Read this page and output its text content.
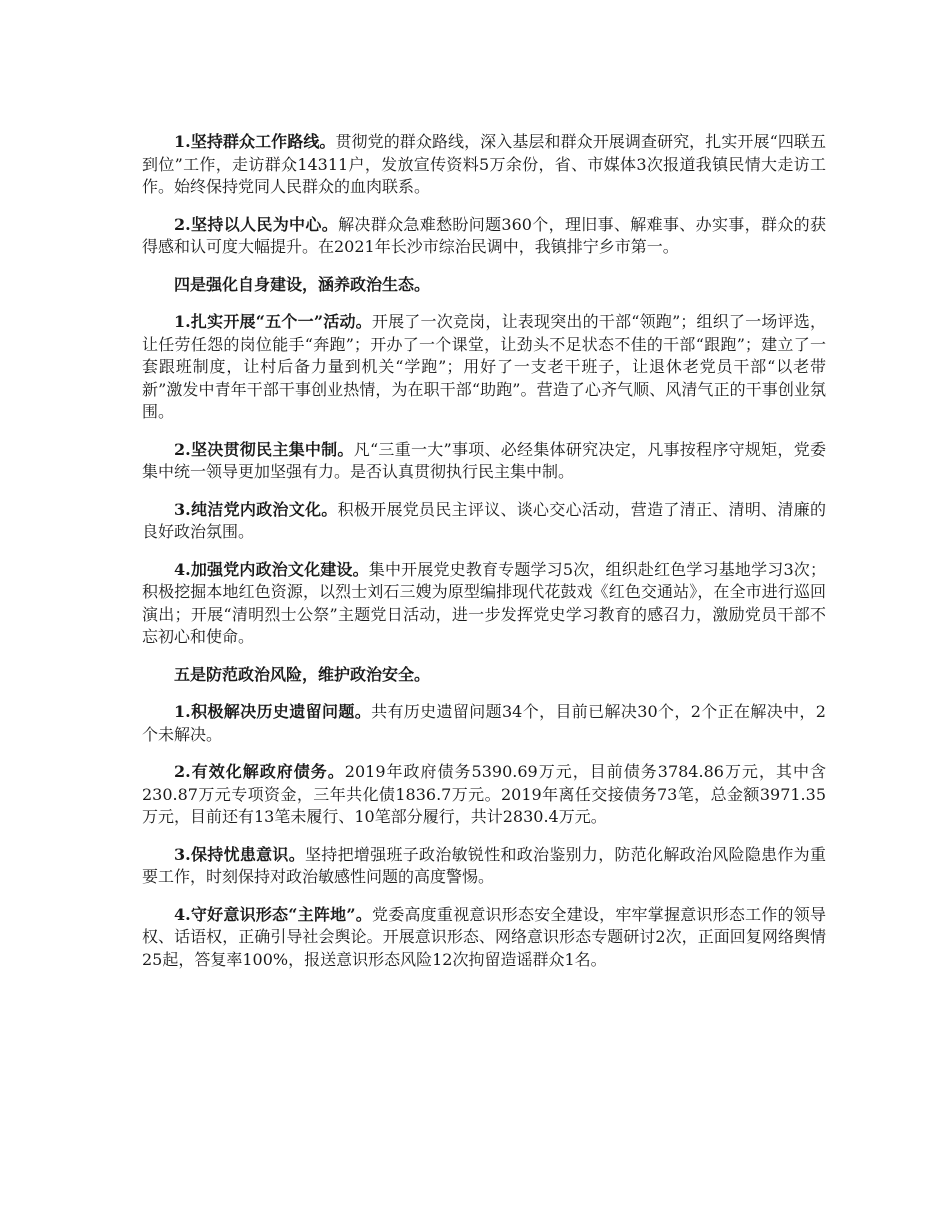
1.坚持群众工作路线。贯彻党的群众路线，深入基层和群众开展调查研究，扎实开展“四联五到位”工作，走访群众14311户，发放宣传资料5万余份，省、市媒体3次报道我镇民情大走访工作。始终保持党同人民群众的血肉联系。

2.坚持以人民为中心。解决群众急难愁盼问题360个，理旧事、解难事、办实事，群众的获得感和认可度大幅提升。在2021年长沙市综治民调中，我镇排宁乡市第一。

四是强化自身建设，涵养政治生态。

1.扎实开展“五个一”活动。开展了一次竞岗，让表现突出的干部“领跑”；组织了一场评选，让任劳任怨的岗位能手“奔跑”；开办了一个课堂，让劲头不足状态不佳的干部“跟跑”；建立了一套跟班制度，让村后备力量到机关“学跑”；用好了一支老干班子，让退休老党员干部“以老带新”激发中青年干部干事创业热情，为在职干部“助跑”。营造了心齐气顺、风清气正的干事创业氛围。

2.坚决贯彻民主集中制。凡“三重一大”事项、必经集体研究决定，凡事按程序守规矩，党委集中统一领导更加坚强有力。是否认真贯彻执行民主集中制。

3.纯洁党内政治文化。积极开展党员民主评议、谈心交心活动，营造了清正、清明、清廉的良好政治氛围。

4.加强党内政治文化建设。集中开展党史教育专题学习5次，组织赴红色学习基地学习3次；积极挖掘本地红色资源，以烈士刘石三嫂为原型编排现代花鼓戏《红色交通站》，在全市进行巡回演出；开展“清明烈士公祭”主题党日活动，进一步发挥党史学习教育的感召力，激励党员干部不忘初心和使命。

五是防范政治风险，维护政治安全。

1.积极解决历史遗留问题。共有历史遗留问题34个，目前已解决30个，2个正在解决中，2个未解决。

2.有效化解政府债务。2019年政府债务5390.69万元，目前债务3784.86万元，其中含230.87万元专项资金，三年共化债1836.7万元。2019年离任交接债务73笔，总金额3971.35万元，目前还有13笔未履行、10笔部分履行，共计2830.4万元。

3.保持忧患意识。坚持把增强班子政治敏锐性和政治鉴别力，防范化解政治风险隐患作为重要工作，时刻保持对政治敏感性问题的高度警惕。

4.守好意识形态“主阵地”。党委高度重视意识形态安全建设，牢牢掌握意识形态工作的领导权、话语权，正确引导社会舆论。开展意识形态、网络意识形态专题研讨2次，正面回复网络舆情25起，答复率100%，报送意识形态风险12次拘留造谣群众1名。
